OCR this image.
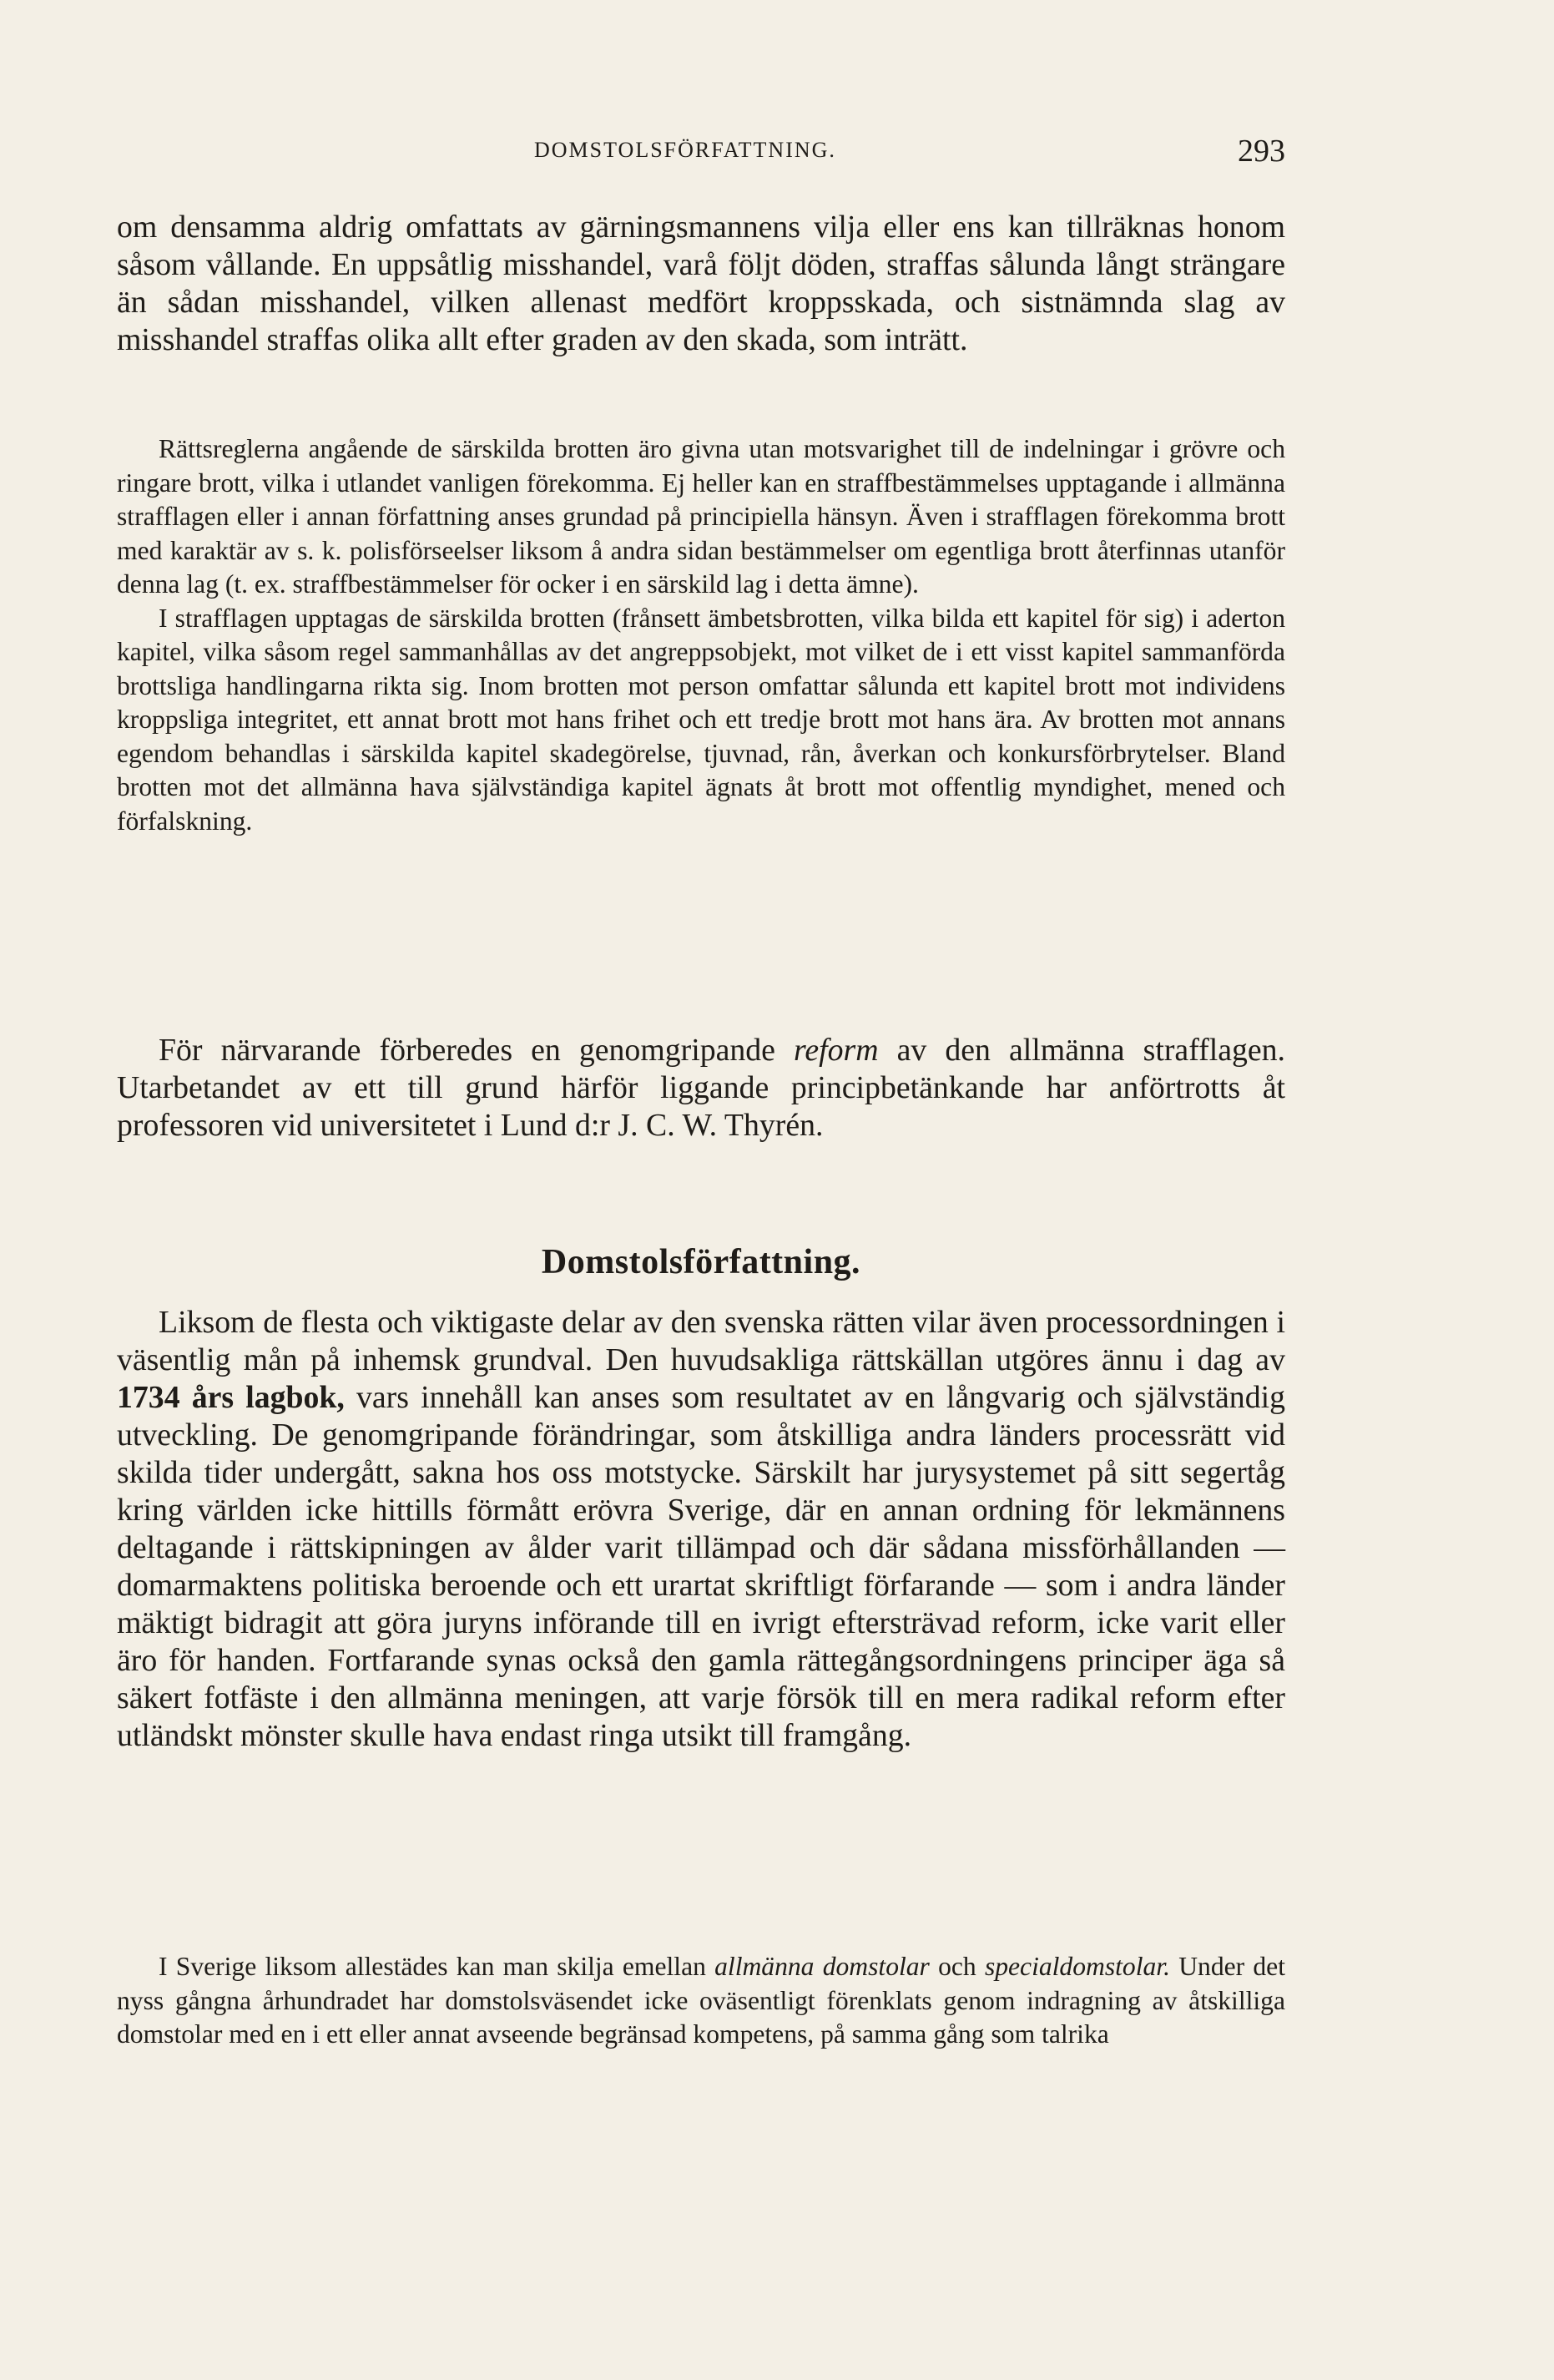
DOMSTOLSFÖRFATTNING.	293

om densamma aldrig omfattats av gärningsmannens vilja eller ens kan tillräknas honom såsom vållande. En uppsåtlig misshandel, varå följt döden, straffas sålunda långt strängare än sådan misshandel, vilken allenast medfört kroppsskada, och sistnämnda slag av misshandel straffas olika allt efter graden av den skada, som inträtt.

Rättsreglerna angående de särskilda brotten äro givna utan motsvarighet till de indelningar i grövre och ringare brott, vilka i utlandet vanligen förekomma. Ej heller kan en straffbestämmelses upptagande i allmänna strafflagen eller i annan författning anses grundad på principiella hänsyn. Även i strafflagen förekomma brott med karaktär av s. k. polisförseelser liksom å andra sidan bestämmelser om egentliga brott återfinnas utanför denna lag (t. ex. straffbestämmelser för ocker i en särskild lag i detta ämne).

I strafflagen upptagas de särskilda brotten (frånsett ämbetsbrotten, vilka bilda ett kapitel för sig) i aderton kapitel, vilka såsom regel sammanhållas av det angreppsobjekt, mot vilket de i ett visst kapitel sammanförda brottsliga handlingarna rikta sig. Inom brotten mot person omfattar sålunda ett kapitel brott mot individens kroppsliga integritet, ett annat brott mot hans frihet och ett tredje brott mot hans ära. Av brotten mot annans egendom behandlas i särskilda kapitel skadegörelse, tjuvnad, rån, åverkan och konkursförbrytelser. Bland brotten mot det allmänna hava självständiga kapitel ägnats åt brott mot offentlig myndighet, mened och förfalskning.

För närvarande förberedes en genomgripande reform av den allmänna strafflagen. Utarbetandet av ett till grund härför liggande principbetänkande har anförtrotts åt professoren vid universitetet i Lund d:r J. C. W. Thyrén.

Domstolsförfattning.

Liksom de flesta och viktigaste delar av den svenska rätten vilar även processordningen i väsentlig mån på inhemsk grundval. Den huvudsakliga rättskällan utgöres ännu i dag av 1734 års lagbok, vars innehåll kan anses som resultatet av en långvarig och självständig utveckling. De genomgripande förändringar, som åtskilliga andra länders processrätt vid skilda tider undergått, sakna hos oss motstycke. Särskilt har jurysystemet på sitt segertåg kring världen icke hittills förmått erövra Sverige, där en annan ordning för lekmännens deltagande i rättskipningen av ålder varit tillämpad och där sådana missförhållanden — domarmaktens politiska beroende och ett urartat skriftligt förfarande — som i andra länder mäktigt bidragit att göra juryns införande till en ivrigt eftersträvad reform, icke varit eller äro för handen. Fortfarande synas också den gamla rättegångsordningens principer äga så säkert fotfäste i den allmänna meningen, att varje försök till en mera radikal reform efter utländskt mönster skulle hava endast ringa utsikt till framgång.

I Sverige liksom allestädes kan man skilja emellan allmänna domstolar och specialdomstolar. Under det nyss gångna århundradet har domstolsväsendet icke oväsentligt förenklats genom indragning av åtskilliga domstolar med en i ett eller annat avseende begränsad kompetens, på samma gång som talrika
